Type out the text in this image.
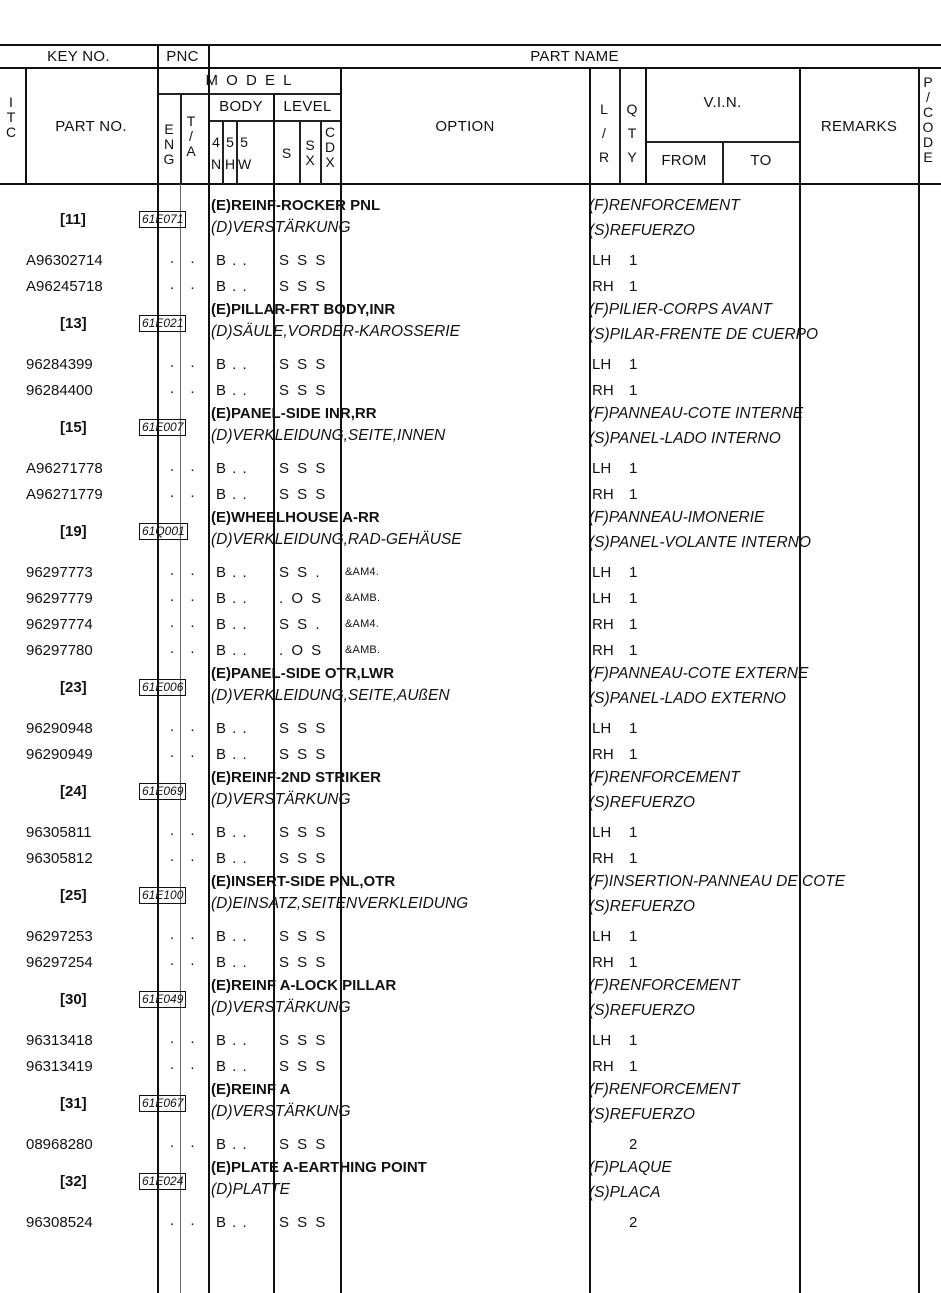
KEY NO.	PNC	PART NAME
I
T
C	PART NO.
M O D E L
E
N
G
T
/
A
BODY	LEVEL
4
N
5
H
5
W
S	S
X
C
D
X
OPTION
L
/
R
Q
T
Y
V.I.N.
FROM	TO
REMARKS
P
/
C
O
D
E
[11]	61E071
(E)REINF-ROCKER PNL
(D)VERSTÄRKUNG
(F)RENFORCEMENT
(S)REFUERZO
A96302714	. . B . . S S S	LH 1
A96245718	. . B . . S S S	RH 1
[13]	61E021
(E)PILLAR-FRT BODY,INR
(D)SÄULE,VORDER-KAROSSERIE
(F)PILIER-CORPS AVANT
(S)PILAR-FRENTE DE CUERPO
96284399	. . B . . S S S	LH 1
96284400	. . B . . S S S	RH 1
[15]	61E007
(E)PANEL-SIDE INR,RR
(D)VERKLEIDUNG,SEITE,INNEN
(F)PANNEAU-COTE INTERNE
(S)PANEL-LADO INTERNO
A96271778	. . B . . S S S	LH 1
A96271779	. . B . . S S S	RH 1
[19]	61Q001
(E)WHEELHOUSE A-RR
(D)VERKLEIDUNG,RAD-GEHÄUSE
(F)PANNEAU-IMONERIE
(S)PANEL-VOLANTE INTERNO
96297773	. . B . . S S . &AM4.	LH 1
96297779	. . B . . . O S &AMB.	LH 1
96297774	. . B . . S S . &AM4.	RH 1
96297780	. . B . . . O S &AMB.	RH 1
[23]	61E006
(E)PANEL-SIDE OTR,LWR
(D)VERKLEIDUNG,SEITE,AUßEN
(F)PANNEAU-COTE EXTERNE
(S)PANEL-LADO EXTERNO
96290948	. . B . . S S S	LH 1
96290949	. . B . . S S S	RH 1
[24]	61E069
(E)REINF-2ND STRIKER
(D)VERSTÄRKUNG
(F)RENFORCEMENT
(S)REFUERZO
96305811	. . B . . S S S	LH 1
96305812	. . B . . S S S	RH 1
[25]	61E100
(E)INSERT-SIDE PNL,OTR
(D)EINSATZ,SEITENVERKLEIDUNG
(F)INSERTION-PANNEAU DE COTE
(S)REFUERZO
96297253	. . B . . S S S	LH 1
96297254	. . B . . S S S	RH 1
[30]	61E049
(E)REINF A-LOCK PILLAR
(D)VERSTÄRKUNG
(F)RENFORCEMENT
(S)REFUERZO
96313418	. . B . . S S S	LH 1
96313419	. . B . . S S S	RH 1
[31]	61E067
(E)REINF A
(D)VERSTÄRKUNG
(F)RENFORCEMENT
(S)REFUERZO
08968280	. . B . . S S S	2
[32]	61E024
(E)PLATE A-EARTHING POINT
(D)PLATTE
(F)PLAQUE
(S)PLACA
96308524	. . B . . S S S	2
